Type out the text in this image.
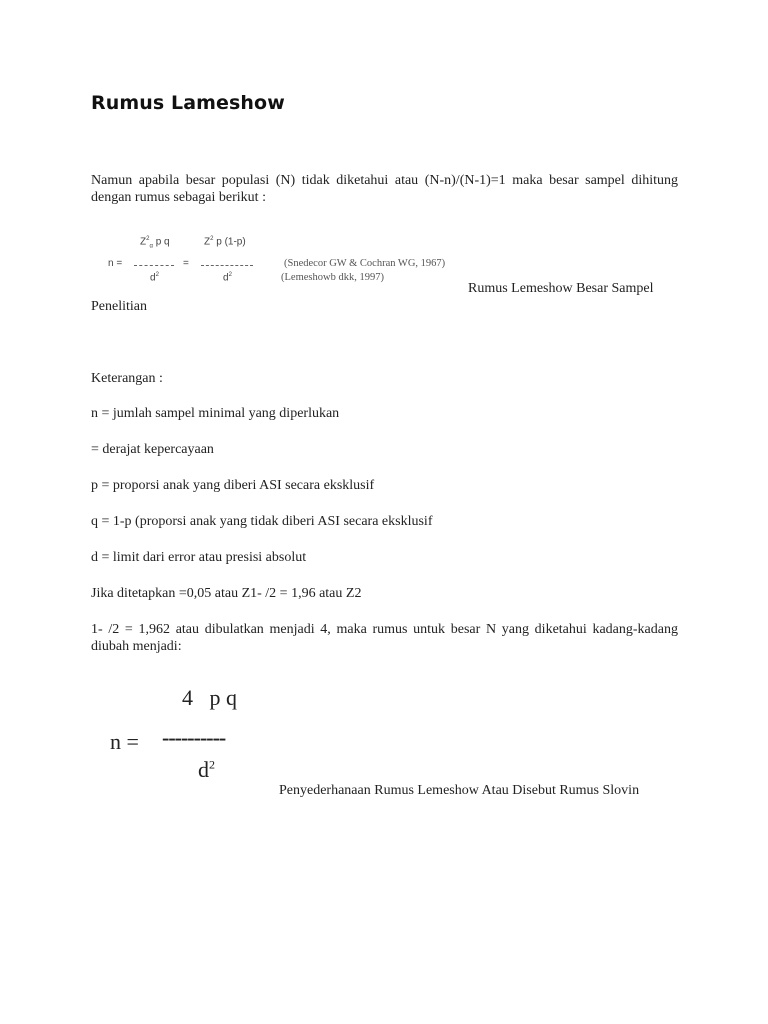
Rumus Lameshow
Namun apabila besar populasi (N) tidak diketahui atau (N-n)/(N-1)=1 maka besar sampel dihitung dengan rumus sebagai berikut :
$Z^2_\alpha$ p q	$Z^2$ p (1-p)
n =	=
$d^2$	$d^2$
(Snedecor GW & Cochran WG, 1967)
(Lemeshowb dkk, 1997)
Rumus Lemeshow Besar Sampel
Penelitian
Keterangan :
n = jumlah sampel minimal yang diperlukan
= derajat kepercayaan
p = proporsi anak yang diberi ASI secara eksklusif
q = 1-p (proporsi anak yang tidak diberi ASI secara eksklusif
d = limit dari error atau presisi absolut
Jika ditetapkan =0,05 atau Z1- /2 = 1,96 atau Z2
1- /2 = 1,962 atau dibulatkan menjadi 4, maka rumus untuk besar N yang diketahui kadang-kadang diubah menjadi:
4   p q
n = ----------
$d^2$
Penyederhanaan Rumus Lemeshow Atau Disebut Rumus Slovin
